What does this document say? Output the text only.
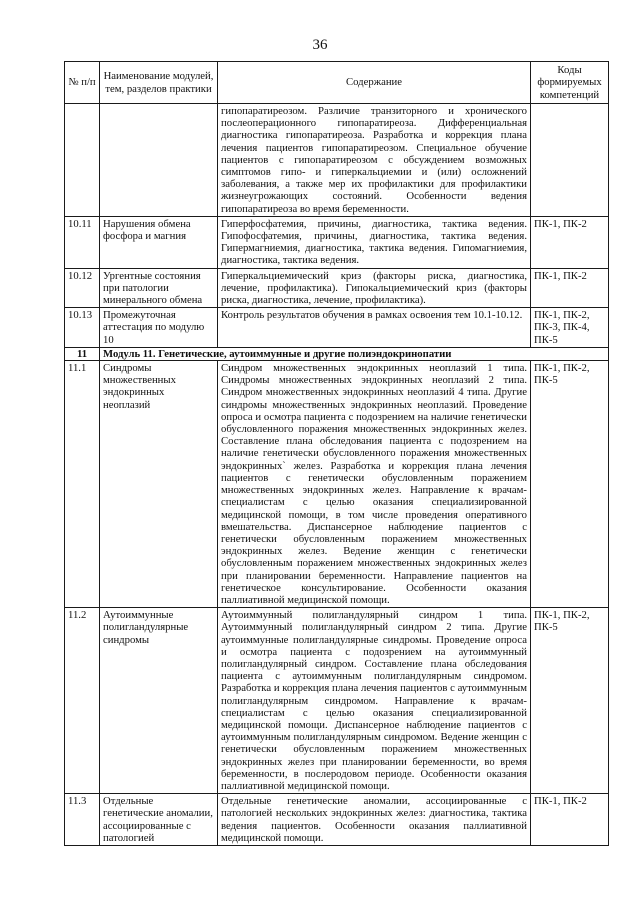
36
№ п/п	Наименование модулей, тем, разделов практики	Содержание	Коды формируемых компетенций
		гипопаратиреозом. Различие транзиторного и хронического послеоперационного гипопаратиреоза. Дифференциальная диагностика гипопаратиреоза. Разработка и коррекция плана лечения пациентов гипопаратиреозом. Специальное обучение пациентов с гипопаратиреозом с обсуждением возможных симптомов гипо- и гиперкальциемии и (или) осложнений заболевания, а также мер их профилактики для профилактики жизнеугрожающих состояний. Особенности ведения гипопаратиреоза во время беременности.	
10.11	Нарушения обмена фосфора и магния	Гиперфосфатемия, причины, диагностика, тактика ведения. Гипофосфатемия, причины, диагностика, тактика ведения. Гипермагниемия, диагностика, тактика ведения. Гипомагниемия, диагностика, тактика ведения.	ПК-1, ПК-2
10.12	Ургентные состояния при патологии минерального обмена	Гиперкальциемический криз (факторы риска, диагностика, лечение, профилактика). Гипокальциемический криз (факторы риска, диагностика, лечение, профилактика).	ПК-1, ПК-2
10.13	Промежуточная аттестация по модулю 10	Контроль результатов обучения в рамках освоения тем 10.1-10.12.	ПК-1, ПК-2, ПК-3, ПК-4, ПК-5
11	Модуль 11. Генетические, аутоиммунные и другие полиэндокринопатии		
11.1	Синдромы множественных эндокринных неоплазий	Синдром множественных эндокринных неоплазий 1 типа. Синдромы множественных эндокринных неоплазий 2 типа. Синдром множественных эндокринных неоплазий 4 типа. Другие синдромы множественных эндокринных неоплазий. Проведение опроса и осмотра пациента с подозрением на наличие генетически обусловленного поражения множественных эндокринных желез. Составление плана обследования пациента с подозрением на наличие генетически обусловленного поражения множественных эндокринных` желез. Разработка и коррекция плана лечения пациентов с генетически обусловленным поражением множественных эндокринных желез. Направление к врачам-специалистам с целью оказания специализированной медицинской помощи, в том числе проведения оперативного вмешательства. Диспансерное наблюдение пациентов с генетически обусловленным поражением множественных эндокринных желез. Ведение женщин с генетически обусловленным поражением множественных эндокринных желез при планировании беременности. Направление пациентов на генетическое консультирование. Особенности оказания паллиативной медицинской помощи.	ПК-1, ПК-2, ПК-5
11.2	Аутоиммунные полигландулярные синдромы	Аутоиммунный полигландулярный синдром 1 типа. Аутоиммунный полигландулярный синдром 2 типа. Другие аутоиммунные полигландулярные синдромы. Проведение опроса и осмотра пациента с подозрением на аутоиммунный полигландулярный синдром. Составление плана обследования пациента с аутоиммунным полигландулярным синдромом. Разработка и коррекция плана лечения пациентов с аутоиммунным полигландулярным синдромом. Направление к врачам-специалистам с целью оказания специализированной медицинской помощи. Диспансерное наблюдение пациентов с аутоиммунным полигландулярным синдромом. Ведение женщин с генетически обусловленным поражением множественных эндокринных желез при планировании беременности, во время беременности, в послеродовом периоде. Особенности оказания паллиативной медицинской помощи.	ПК-1, ПК-2, ПК-5
11.3	Отдельные генетические аномалии, ассоциированные с патологией	Отдельные генетические аномалии, ассоциированные с патологией нескольких эндокринных желез: диагностика, тактика ведения пациентов. Особенности оказания паллиативной медицинской помощи.	ПК-1, ПК-2
